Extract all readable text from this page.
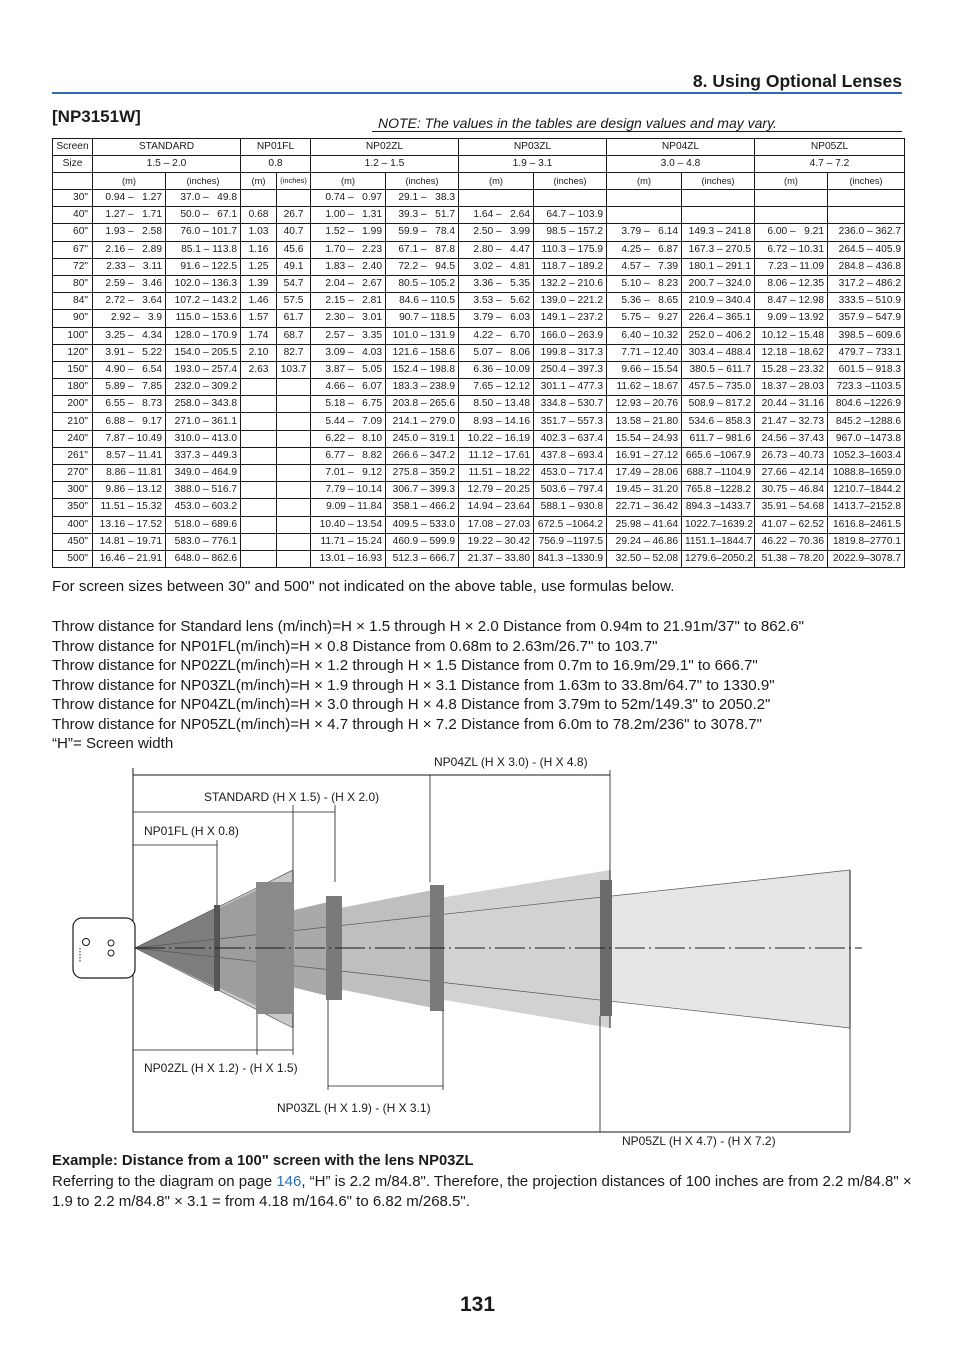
8. Using Optional Lenses
[NP3151W]	NOTE: The values in the tables are design values and may vary.
Screen	STANDARD		NP01FL		NP02ZL		NP03ZL		NP04ZL		NP05ZL	
Size	1.5 – 2.0		0.8		1.2 – 1.5		1.9 – 3.1		3.0 – 4.8		4.7 – 7.2	
	(m)	(inches)	(m)	(inches)	(m)	(inches)	(m)	(inches)	(m)	(inches)	(m)	(inches)
30"	0.94 –   1.27	37.0 –   49.8			0.74 –   0.97	29.1 –   38.3						
40"	1.27 –   1.71	50.0 –   67.1	0.68	26.7	1.00 –   1.31	39.3 –   51.7	1.64 –   2.64	64.7 – 103.9				
60"	1.93 –   2.58	76.0 – 101.7	1.03	40.7	1.52 –   1.99	59.9 –   78.4	2.50 –   3.99	98.5 – 157.2	3.79 –   6.14	149.3 – 241.8	6.00 –   9.21	236.0 – 362.7
67"	2.16 –   2.89	85.1 – 113.8	1.16	45.6	1.70 –   2.23	67.1 –   87.8	2.80 –   4.47	110.3 – 175.9	4.25 –   6.87	167.3 – 270.5	6.72 – 10.31	264.5 – 405.9
72"	2.33 –   3.11	91.6 – 122.5	1.25	49.1	1.83 –   2.40	72.2 –   94.5	3.02 –   4.81	118.7 – 189.2	4.57 –   7.39	180.1 – 291.1	7.23 – 11.09	284.8 – 436.8
80"	2.59 –   3.46	102.0 – 136.3	1.39	54.7	2.04 –   2.67	80.5 – 105.2	3.36 –   5.35	132.2 – 210.6	5.10 –   8.23	200.7 – 324.0	8.06 – 12.35	317.2 – 486.2
84"	2.72 –   3.64	107.2 – 143.2	1.46	57.5	2.15 –   2.81	84.6 – 110.5	3.53 –   5.62	139.0 – 221.2	5.36 –   8.65	210.9 – 340.4	8.47 – 12.98	333.5 – 510.9
90"	2.92 –   3.9	115.0 – 153.6	1.57	61.7	2.30 –   3.01	90.7 – 118.5	3.79 –   6.03	149.1 – 237.2	5.75 –   9.27	226.4 – 365.1	9.09 – 13.92	357.9 – 547.9
100"	3.25 –   4.34	128.0 – 170.9	1.74	68.7	2.57 –   3.35	101.0 – 131.9	4.22 –   6.70	166.0 – 263.9	6.40 – 10.32	252.0 – 406.2	10.12 – 15.48	398.5 – 609.6
120"	3.91 –   5.22	154.0 – 205.5	2.10	82.7	3.09 –   4.03	121.6 – 158.6	5.07 –   8.06	199.8 – 317.3	7.71 – 12.40	303.4 – 488.4	12.18 – 18.62	479.7 – 733.1
150"	4.90 –   6.54	193.0 – 257.4	2.63	103.7	3.87 –   5.05	152.4 – 198.8	6.36 – 10.09	250.4 – 397.3	9.66 – 15.54	380.5 – 611.7	15.28 – 23.32	601.5 – 918.3
180"	5.89 –   7.85	232.0 – 309.2			4.66 –   6.07	183.3 – 238.9	7.65 – 12.12	301.1 – 477.3	11.62 – 18.67	457.5 – 735.0	18.37 – 28.03	723.3 –1103.5
200"	6.55 –   8.73	258.0 – 343.8			5.18 –   6.75	203.8 – 265.6	8.50 – 13.48	334.8 – 530.7	12.93 – 20.76	508.9 – 817.2	20.44 – 31.16	804.6 –1226.9
210"	6.88 –   9.17	271.0 – 361.1			5.44 –   7.09	214.1 – 279.0	8.93 – 14.16	351.7 – 557.3	13.58 – 21.80	534.6 – 858.3	21.47 – 32.73	845.2 –1288.6
240"	7.87 – 10.49	310.0 – 413.0			6.22 –   8.10	245.0 – 319.1	10.22 – 16.19	402.3 – 637.4	15.54 – 24.93	611.7 – 981.6	24.56 – 37.43	967.0 –1473.8
261"	8.57 – 11.41	337.3 – 449.3			6.77 –   8.82	266.6 – 347.2	11.12 – 17.61	437.8 – 693.4	16.91 – 27.12	665.6 –1067.9	26.73 – 40.73	1052.3–1603.4
270"	8.86 – 11.81	349.0 – 464.9			7.01 –   9.12	275.8 – 359.2	11.51 – 18.22	453.0 – 717.4	17.49 – 28.06	688.7 –1104.9	27.66 – 42.14	1088.8–1659.0
300"	9.86 – 13.12	388.0 – 516.7			7.79 – 10.14	306.7 – 399.3	12.79 – 20.25	503.6 – 797.4	19.45 – 31.20	765.8 –1228.2	30.75 – 46.84	1210.7–1844.2
350"	11.51 – 15.32	453.0 – 603.2			9.09 – 11.84	358.1 – 466.2	14.94 – 23.64	588.1 – 930.8	22.71 – 36.42	894.3 –1433.7	35.91 – 54.68	1413.7–2152.8
400"	13.16 – 17.52	518.0 – 689.6			10.40 – 13.54	409.5 – 533.0	17.08 – 27.03	672.5 –1064.2	25.98 – 41.64	1022.7–1639.2	41.07 – 62.52	1616.8–2461.5
450"	14.81 – 19.71	583.0 – 776.1			11.71 – 15.24	460.9 – 599.9	19.22 – 30.42	756.9 –1197.5	29.24 – 46.86	1151.1–1844.7	46.22 – 70.36	1819.8–2770.1
500"	16.46 – 21.91	648.0 – 862.6			13.01 – 16.93	512.3 – 666.7	21.37 – 33.80	841.3 –1330.9	32.50 – 52.08	1279.6–2050.2	51.38 – 78.20	2022.9–3078.7
For screen sizes between 30" and 500" not indicated on the above table, use formulas below.
Throw distance for Standard lens (m/inch)=H × 1.5 through H × 2.0 Distance from 0.94m to 21.91m/37" to 862.6"
Throw distance for NP01FL(m/inch)=H × 0.8 Distance from 0.68m to 2.63m/26.7" to 103.7"
Throw distance for NP02ZL(m/inch)=H × 1.2 through H × 1.5 Distance from 0.7m to 16.9m/29.1" to 666.7"
Throw distance for NP03ZL(m/inch)=H × 1.9 through H × 3.1 Distance from 1.63m to 33.8m/64.7" to 1330.9"
Throw distance for NP04ZL(m/inch)=H × 3.0 through H × 4.8 Distance from 3.79m to 52m/149.3" to 2050.2"
Throw distance for NP05ZL(m/inch)=H × 4.7 through H × 7.2 Distance from 6.0m to 78.2m/236" to 3078.7"
“H”= Screen width
NP04ZL (H X 3.0) - (H X 4.8)
STANDARD (H X 1.5) - (H X 2.0)
NP01FL (H X 0.8)
NP02ZL (H X 1.2) - (H X 1.5)
NP03ZL (H X 1.9) - (H X 3.1)
NP05ZL (H X 4.7) - (H X 7.2)
Example: Distance from a 100" screen with the lens NP03ZL
Referring to the diagram on page 146, “H” is 2.2 m/84.8". Therefore, the projection distances of 100 inches are from 2.2 m/84.8" × 1.9 to 2.2 m/84.8" × 3.1 = from 4.18 m/164.6" to 6.82 m/268.5".
131
